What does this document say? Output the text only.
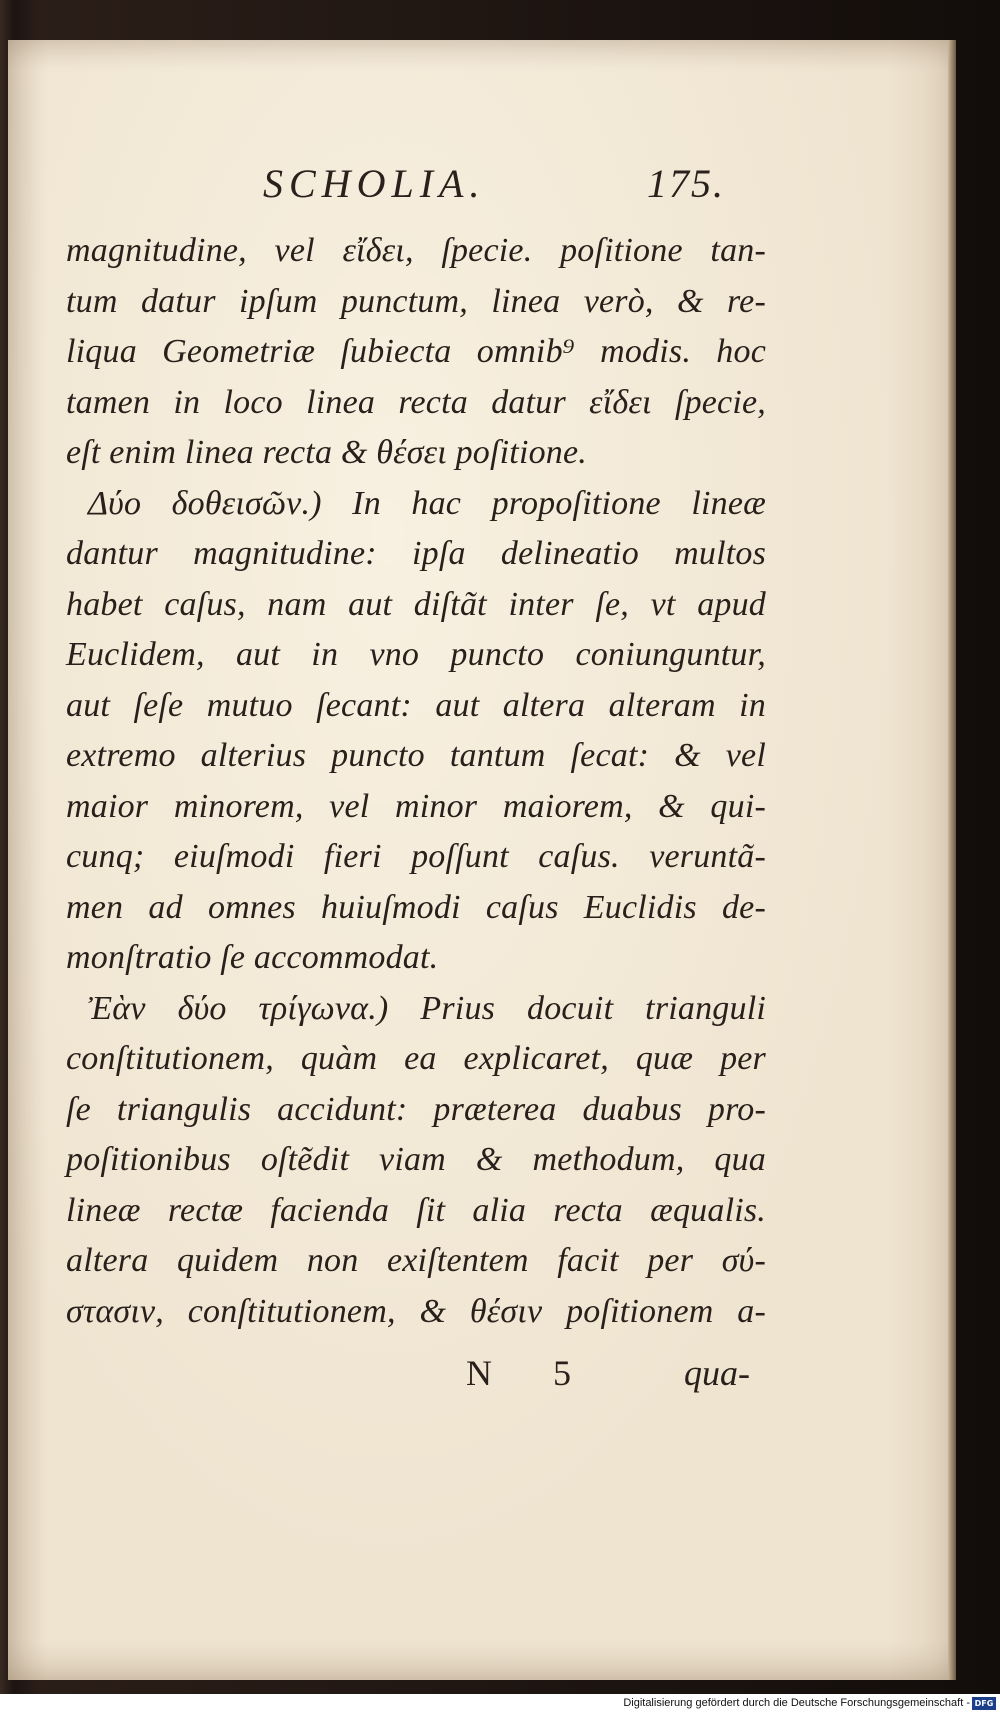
SCHOLIA.	175.
magnitudine, vel εἴδει, ſpecie. poſitione tan-
tum datur ipſum punctum, linea verò, & re-
liqua Geometriæ ſubiecta omnib⁹ modis. hoc
tamen in loco linea recta datur εἴδει ſpecie,
eſt enim linea recta & θέσει poſitione.
Δύο δοθεισῶν.) In hac propoſitione lineæ
dantur magnitudine: ipſa delineatio multos
habet caſus, nam aut diſtãt inter ſe, vt apud
Euclidem, aut in vno puncto coniunguntur,
aut ſeſe mutuo ſecant: aut altera alteram in
extremo alterius puncto tantum ſecat: & vel
maior minorem, vel minor maiorem, & qui-
cunq; eiuſmodi fieri poſſunt caſus. veruntã-
men ad omnes huiuſmodi caſus Euclidis de-
monſtratio ſe accommodat.
Ἐὰν δύο τρίγωνα.) Prius docuit trianguli
conſtitutionem, quàm ea explicaret, quæ per
ſe triangulis accidunt: præterea duabus pro-
poſitionibus oſtẽdit viam & methodum, qua
lineæ rectæ facienda ſit alia recta æqualis.
altera quidem non exiſtentem facit per σύ-
στασιν, conſtitutionem, & θέσιν poſitionem a-
N 5 qua-
Digitalisierung gefördert durch die Deutsche Forschungsgemeinschaft - DFG
